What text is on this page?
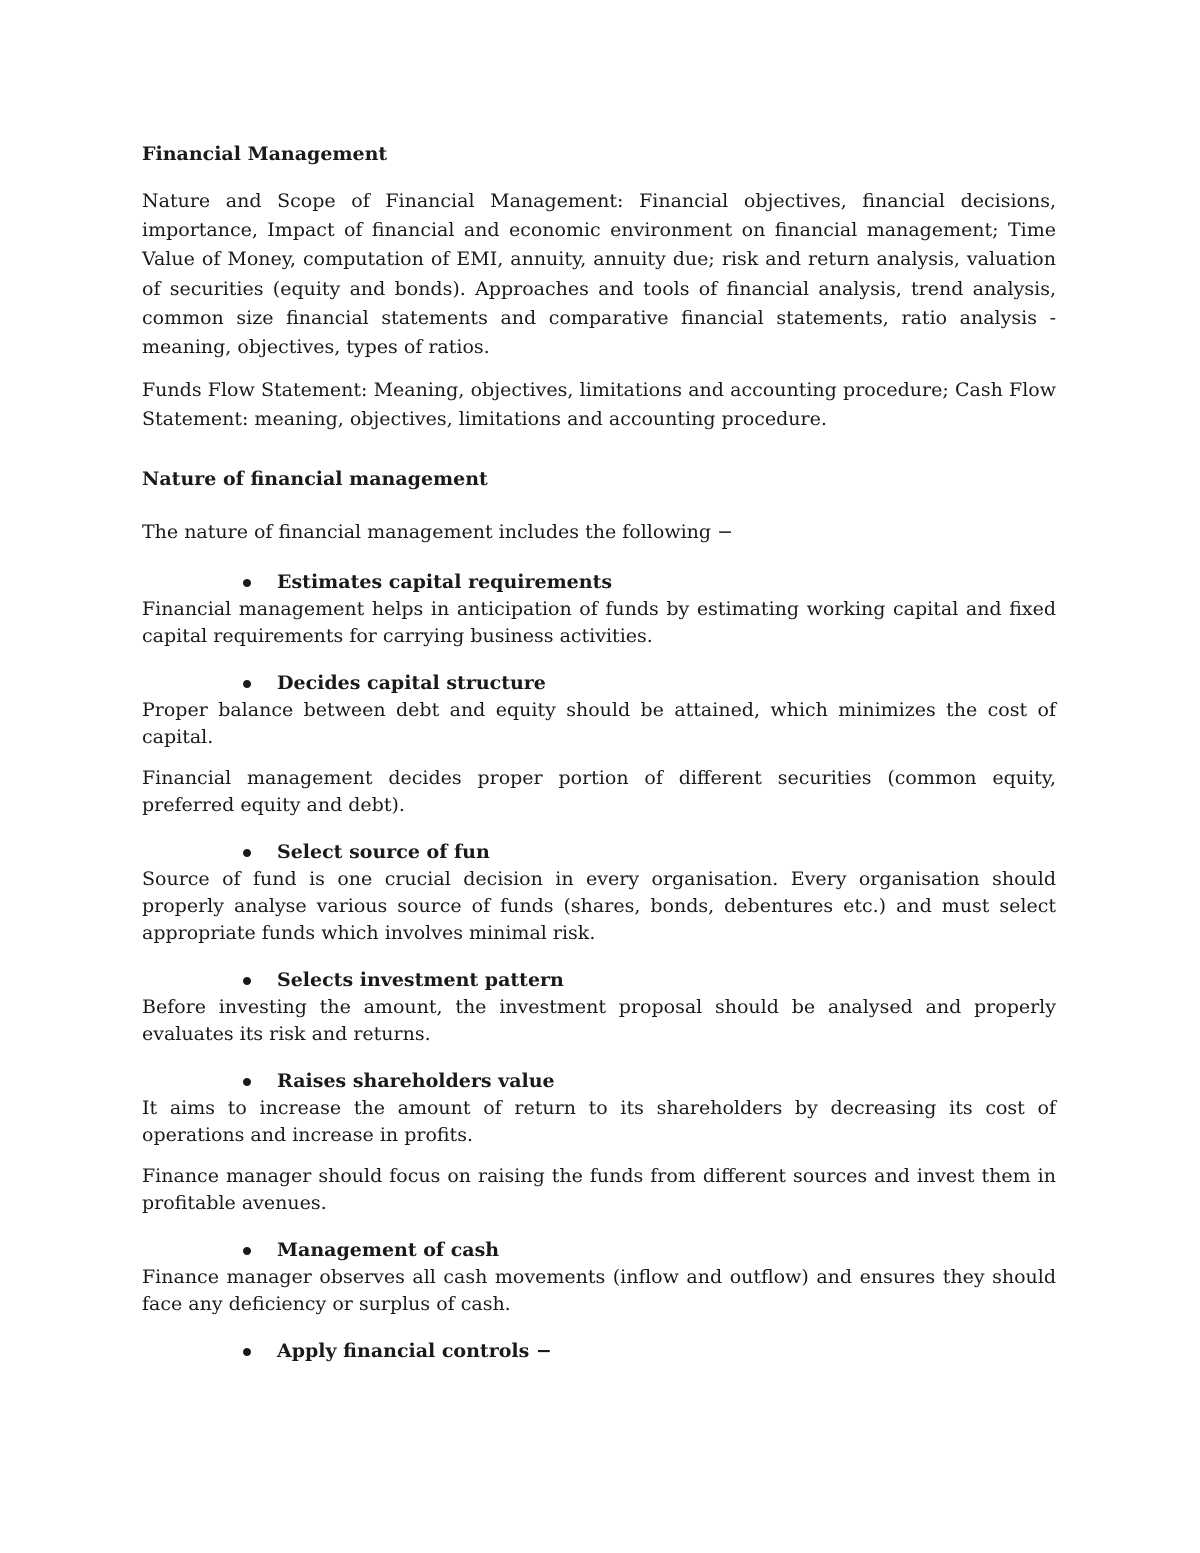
Financial Management

Nature and Scope of Financial Management: Financial objectives, financial decisions, importance, Impact of financial and economic environment on financial management; Time Value of Money, computation of EMI, annuity, annuity due; risk and return analysis, valuation of securities (equity and bonds). Approaches and tools of financial analysis, trend analysis, common size financial statements and comparative financial statements, ratio analysis - meaning, objectives, types of ratios.

Funds Flow Statement: Meaning, objectives, limitations and accounting procedure; Cash Flow Statement: meaning, objectives, limitations and accounting procedure.

Nature of financial management
The nature of financial management includes the following −
Estimates capital requirements

Financial management helps in anticipation of funds by estimating working capital and fixed capital requirements for carrying business activities.

Decides capital structure

Proper balance between debt and equity should be attained, which minimizes the cost of capital.

Financial management decides proper portion of different securities (common equity, preferred equity and debt).

Select source of fun

Source of fund is one crucial decision in every organisation. Every organisation should properly analyse various source of funds (shares, bonds, debentures etc.) and must select appropriate funds which involves minimal risk.

Selects investment pattern

Before investing the amount, the investment proposal should be analysed and properly evaluates its risk and returns.

Raises shareholders value

It aims to increase the amount of return to its shareholders by decreasing its cost of operations and increase in profits.

Finance manager should focus on raising the funds from different sources and invest them in profitable avenues.

Management of cash

Finance manager observes all cash movements (inflow and outflow) and ensures they should face any deficiency or surplus of cash.

Apply financial controls −
